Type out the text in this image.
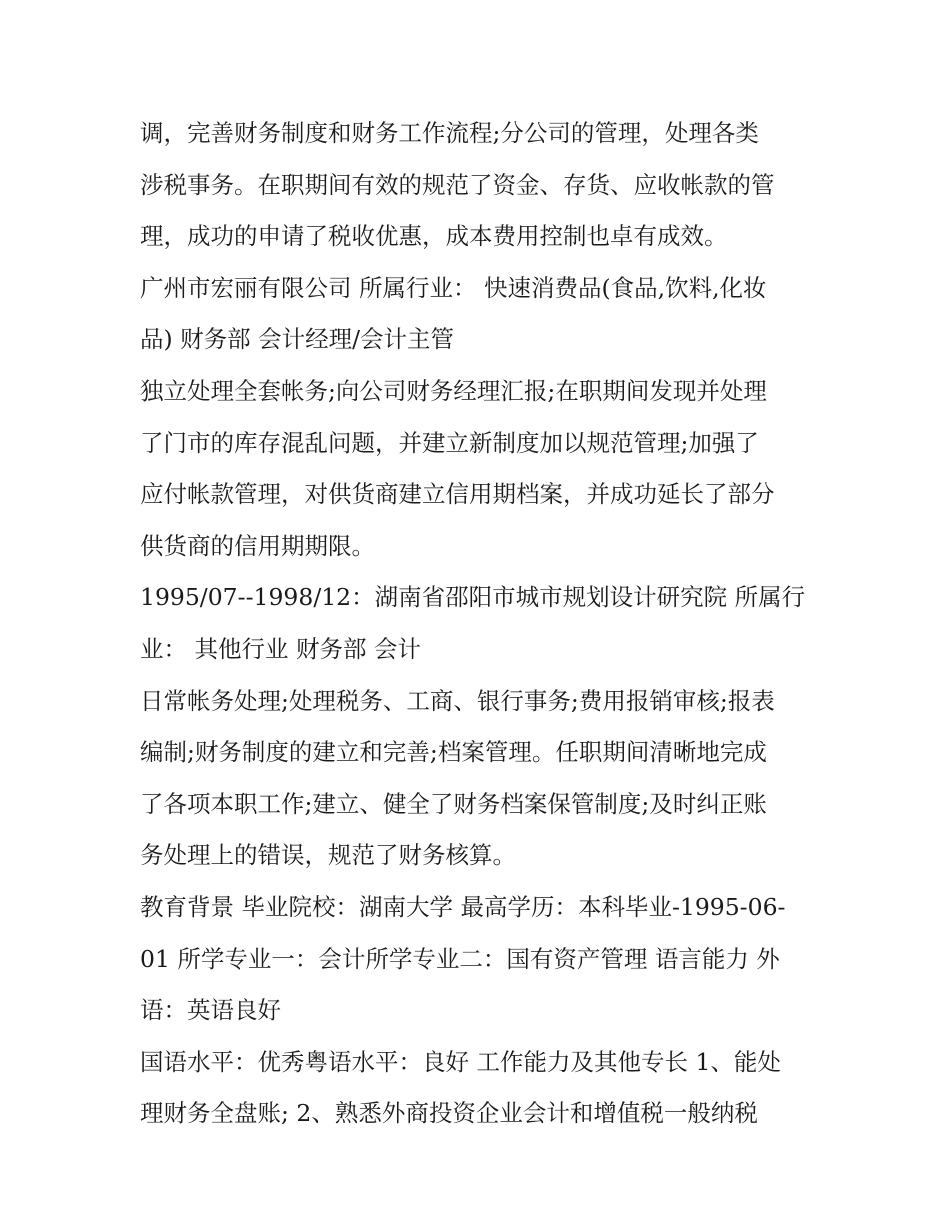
调，完善财务制度和财务工作流程;分公司的管理，处理各类
涉税事务。在职期间有效的规范了资金、存货、应收帐款的管
理，成功的申请了税收优惠，成本费用控制也卓有成效。
广州市宏丽有限公司 所属行业： 快速消费品(食品,饮料,化妆
品) 财务部 会计经理/会计主管
独立处理全套帐务;向公司财务经理汇报;在职期间发现并处理
了门市的库存混乱问题，并建立新制度加以规范管理;加强了
应付帐款管理，对供货商建立信用期档案，并成功延长了部分
供货商的信用期期限。
1995/07--1998/12：湖南省邵阳市城市规划设计研究院 所属行
业： 其他行业 财务部 会计
日常帐务处理;处理税务、工商、银行事务;费用报销审核;报表
编制;财务制度的建立和完善;档案管理。任职期间清晰地完成
了各项本职工作;建立、健全了财务档案保管制度;及时纠正账
务处理上的错误，规范了财务核算。
教育背景 毕业院校：湖南大学 最高学历：本科毕业-1995-06-
01 所学专业一：会计所学专业二：国有资产管理 语言能力 外
语：英语良好
国语水平：优秀粤语水平：良好 工作能力及其他专长 1、能处
理财务全盘账; 2、熟悉外商投资企业会计和增值税一般纳税
